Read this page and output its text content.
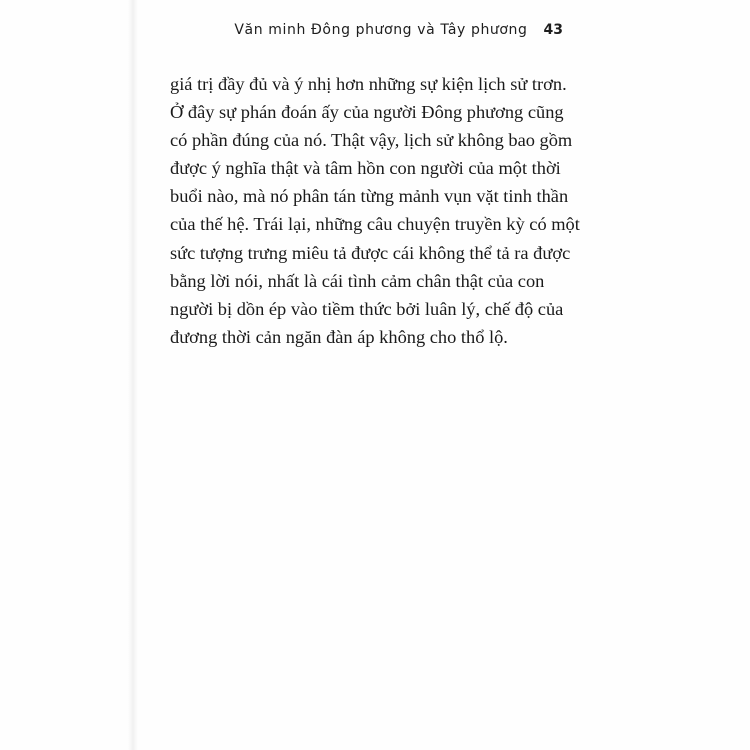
Văn minh Đông phương và Tây phương 43
giá trị đầy đủ và ý nhị hơn những sự kiện lịch sử trơn.
Ở đây sự phán đoán ấy của người Đông phương cũng
có phần đúng của nó. Thật vậy, lịch sử không bao gồm
được ý nghĩa thật và tâm hồn con người của một thời
buổi nào, mà nó phân tán từng mảnh vụn vặt tinh thần
của thế hệ. Trái lại, những câu chuyện truyền kỳ có một
sức tượng trưng miêu tả được cái không thể tả ra được
bằng lời nói, nhất là cái tình cảm chân thật của con
người bị dồn ép vào tiềm thức bởi luân lý, chế độ của
đương thời cản ngăn đàn áp không cho thổ lộ.
